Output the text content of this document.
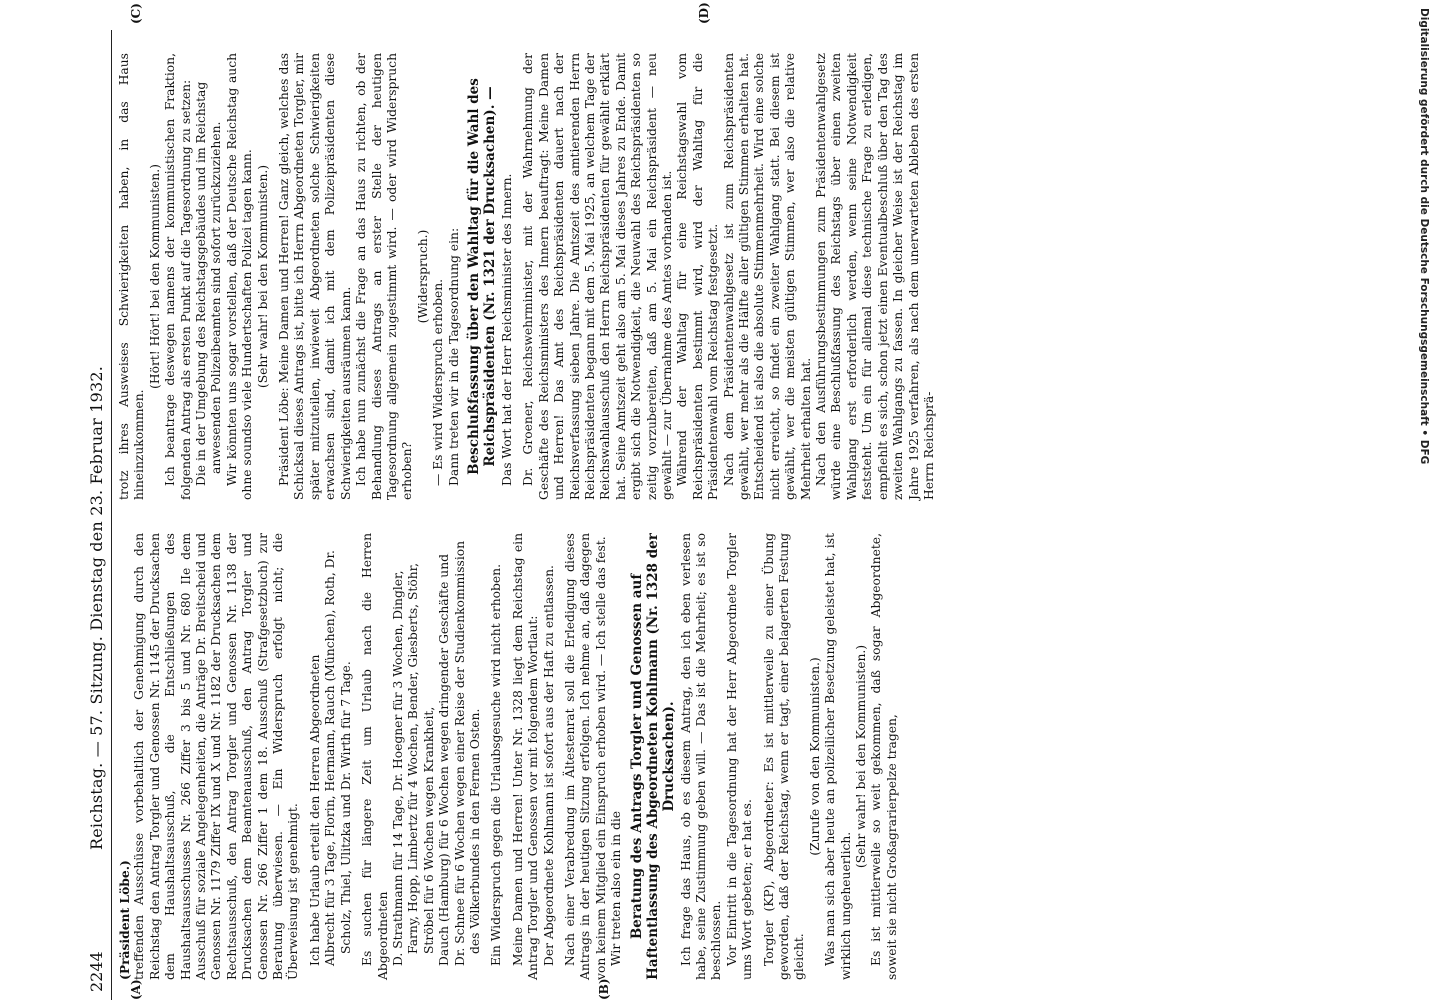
2244
Reichstag. — 57. Sitzung. Dienstag den 23. Februar 1932.
(A)	(B)
(C)	(D)

(Präsident Löbe.) treffenden Ausschüsse vorbehaltlich der Genehmigung durch den Reichstag den Antrag Torgler und Genossen Nr. 1145 der Drucksachen dem Haushaltsausschuß, die Entschließungen des Haushaltsausschusses Nr. 266 Ziffer 3 bis 5 und Nr. 680 IIe dem Ausschuß für soziale Angelegenheiten, die Anträge Dr. Breitscheid und Genossen Nr. 1179 Ziffer IX und X und Nr. 1182 der Drucksachen dem Rechtsausschuß, den Antrag Torgler und Genossen Nr. 1138 der Drucksachen dem Beamtenausschuß, den Antrag Torgler und Genossen Nr. 266 Ziffer 1 dem 18. Ausschuß (Strafgesetzbuch) zur Beratung überwiesen. — Ein Widerspruch erfolgt nicht; die Überweisung ist genehmigt. Ich habe Urlaub erteilt den Herren Abgeordneten Albrecht für 3 Tage, Florin, Hermann, Rauch (München), Roth, Dr. Scholz, Thiel, Ulitzka und Dr. Wirth für 7 Tage. Es suchen für längere Zeit um Urlaub nach die Herren Abgeordneten D. Strathmann für 14 Tage, Dr. Hoegner für 3 Wochen, Dingler, Farny, Hopp, Limbertz für 4 Wochen, Bender, Giesberts, Stöhr, Ströbel für 6 Wochen wegen Krankheit, Dauch (Hamburg) für 6 Wochen wegen dringender Geschäfte und Dr. Schnee für 6 Wochen wegen einer Reise der Studienkommission des Völkerbundes in den Fernen Osten. Ein Widerspruch gegen die Urlaubsgesuche wird nicht erhoben. Meine Damen und Herren! Unter Nr. 1328 liegt dem Reichstag ein Antrag Torgler und Genossen vor mit folgendem Wortlaut: Der Abgeordnete Kohlmann ist sofort aus der Haft zu entlassen. Nach einer Verabredung im Ältestenrat soll die Erledigung dieses Antrags in der heutigen Sitzung erfolgen. Ich nehme an, daß dagegen von keinem Mitglied ein Einspruch erhoben wird. — Ich stelle das fest. Wir treten also ein in die Beratung des Antrags Torgler und Genossen auf Haftentlassung des Abgeordneten Kohlmann (Nr. 1328 der Drucksachen). Ich frage das Haus, ob es diesem Antrag, den ich eben verlesen habe, seine Zustimmung geben will. — Das ist die Mehrheit; es ist so beschlossen. Vor Eintritt in die Tagesordnung hat der Herr Abgeordnete Torgler ums Wort gebeten; er hat es. Torgler (KP), Abgeordneter: Es ist mittlerweile zu einer Übung geworden, daß der Reichstag, wenn er tagt, einer belagerten Festung gleicht.

(Zurufe von den Kommunisten.) Was man sich aber heute an polizeilicher Besetzung geleistet hat, ist wirklich ungeheuerlich.

(Sehr wahr! bei den Kommunisten.) Es ist mittlerweile so weit gekommen, daß sogar Abgeordnete, soweit sie nicht Großagrarierpelze tragen,

trotz ihres Ausweises Schwierigkeiten haben, in das Haus hineinzukommen.

(Hört! Hört! bei den Kommunisten.) Ich beantrage deswegen namens der kommunistischen Fraktion, folgenden Antrag als ersten Punkt auf die Tagesordnung zu setzen: Die in der Umgebung des Reichstagsgebäudes und im Reichstag anwesenden Polizeibeamten sind sofort zurückzuziehen. Wir könnten uns sogar vorstellen, daß der Deutsche Reichstag auch ohne soundso viele Hundertschaften Polizei tagen kann. (Sehr wahr! bei den Kommunisten.) Präsident Löbe: Meine Damen und Herren! Ganz gleich, welches das Schicksal dieses Antrags ist, bitte ich Herrn Abgeordneten Torgler, mir später mitzuteilen, inwieweit Abgeordneten solche Schwierigkeiten erwachsen sind, damit ich mit dem Polizeipräsidenten diese Schwierigkeiten ausräumen kann. Ich habe nun zunächst die Frage an das Haus zu richten, ob der Behandlung dieses Antrags an erster Stelle der heutigen Tagesordnung allgemein zugestimmt wird. — oder wird Widerspruch erhoben?

(Widerspruch.)

— Es wird Widerspruch erhoben. Dann treten wir in die Tagesordnung ein: Beschlußfassung über den Wahltag für die Wahl des Reichspräsidenten (Nr. 1321 der Drucksachen). — Das Wort hat der Herr Reichsminister des Innern. Dr. Groener, Reichswehrminister, mit der Wahrnehmung der Geschäfte des Reichsministers des Innern beauftragt: Meine Damen und Herren! Das Amt des Reichspräsidenten dauert nach der Reichsverfassung sieben Jahre. Die Amtszeit des amtierenden Herrn Reichspräsidenten begann mit dem 5. Mai 1925, an welchem Tage der Reichswahlausschuß den Herrn Reichspräsidenten für gewählt erklärt hat. Seine Amtszeit geht also am 5. Mai dieses Jahres zu Ende. Damit ergibt sich die Notwendigkeit, die Neuwahl des Reichspräsidenten so zeitig vorzubereiten, daß am 5. Mai ein Reichspräsident — neu gewählt — zur Übernahme des Amtes vorhanden ist. Während der Wahltag für eine Reichstagswahl vom Reichspräsidenten bestimmt wird, wird der Wahltag für die Präsidentenwahl vom Reichstag festgesetzt. Nach dem Präsidentenwahlgesetz ist zum Reichspräsidenten gewählt, wer mehr als die Hälfte aller gültigen Stimmen erhalten hat. Entscheidend ist also die absolute Stimmenmehrheit. Wird eine solche nicht erreicht, so findet ein zweiter Wahlgang statt. Bei diesem ist gewählt, wer die meisten gültigen Stimmen, wer also die relative Mehrheit erhalten hat. Nach den Ausführungsbestimmungen zum Präsidentenwahlgesetz würde eine Beschlußfassung des Reichstags über einen zweiten Wahlgang erst erforderlich werden, wenn seine Notwendigkeit feststeht. Um ein für allemal diese technische Frage zu erledigen, empfiehlt es sich, schon jetzt einen Eventualbeschluß über den Tag des zweiten Wahlgangs zu fassen. In gleicher Weise ist der Reichstag im Jahre 1925 verfahren, als nach dem unerwarteten Ableben des ersten Herrn Reichsprä-	Digitalisierung gefördert durch die Deutsche Forschungsgemeinschaft • DFG
